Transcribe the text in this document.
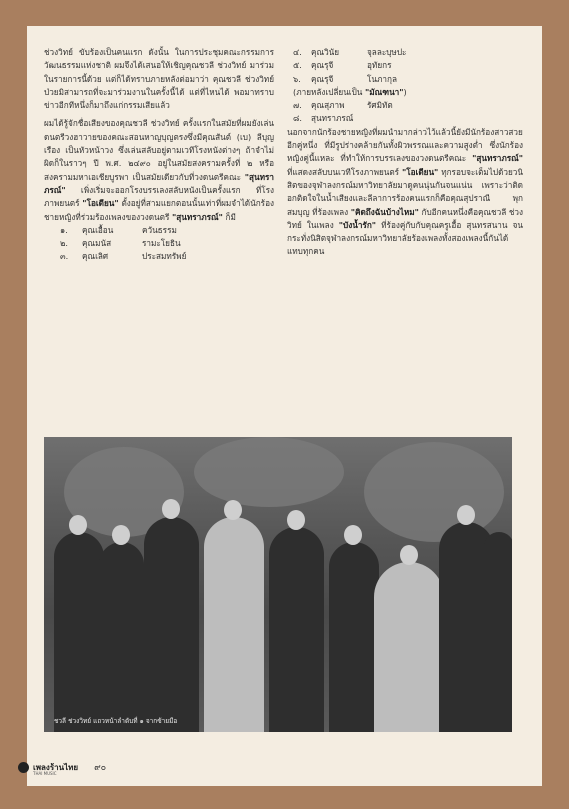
ช่วงวิทย์ ขับร้องเป็นคนแรก ดังนั้น ในการประชุมคณะกรรมการวัฒนธรรมแห่งชาติ ผมจึงได้เสนอให้เชิญคุณชวลี ช่วงวิทย์ มาร่วมในรายการนี้ด้วย แต่ก็ได้ทราบภายหลังต่อมาว่า คุณชวลี ช่วงวิทย์ ป่วยมิสามารถที่จะมาร่วมงานในครั้งนี้ได้ แต่ที่ไหนได้ พอมาทราบข่าวอีกทีหนึ่งก็มาถึงแก่กรรมเสียแล้ว

ผมได้รู้จักชื่อเสียงของคุณชวลี ช่วงวิทย์ ครั้งแรกในสมัยที่ผมยังเล่นดนตรีวงฮาวายของคณะสอนหาญบุญตรงซึ่งมีคุณสันต์ (เบ) ลีบุญเรือง เป็นหัวหน้าวง ซึ่งเล่นสลับอยู่ตามเวทีโรงหนังต่างๆ ถ้าจำไม่ผิดก็ในราวๆ ปี พ.ศ. ๒๔๙๐ อยู่ในสมัยสงครามครั้งที่ ๒ หรือสงครามมหาเอเชียบูรพา เป็นสมัยเดียวกับที่วงดนตรีคณะ "สุนทราภรณ์" เพิ่งเริ่มจะออกโรงบรรเลงสลับหนังเป็นครั้งแรก ที่โรงภาพยนตร์ "โอเดียน" ตั้งอยู่ที่สามแยกตอนนั้นเท่าที่ผมจำได้นักร้องชายหญิงที่ร่วมร้องเพลงของวงดนตรี "สุนทราภรณ์" ก็มี

๑.	คุณเอื้อน	ควันธรรม
๒.	คุณมนัส	รามะโยธิน
๓.	คุณเลิศ	ประสมทรัพย์
๔.	คุณวินัย	จุลละบุษปะ
๕.	คุณรุจี	อุทัยกร
๖.	คุณรุจี	โนภากุล
(ภายหลังเปลี่ยนเป็น "มัณฑนา")
๗.	คุณสุภาพ	รัศมิทัต
๘.	สุนทราภรณ์

นอกจากนักร้องชายหญิงที่ผมนำมากล่าวไว้แล้วนี้ยังมีนักร้องสาวสวยอีกคู่หนึ่ง ที่มีรูปร่างคล้ายกันทั้งผิวพรรณและความสูงต่ำ ซึ่งนักร้องหญิงคู่นี้แหละ ที่ทำให้การบรรเลงของวงดนตรีคณะ "สุนทราภรณ์" ที่แสดงสลับบนเวทีโรงภาพยนตร์ "โอเดียน" ทุกรอบจะเต็มไปด้วยวนิสิตของจุฬาลงกรณ์มหาวิทยาลัยมาดูคนนุ่นกันจนแน่น เพราะว่าติดอกติดใจในน้ำเสียงและลีลาการร้องคนแรกก็คือคุณสุปราณี พุกสมบุญ ที่ร้องเพลง "คิดถึงฉันบ้างไหม" กับอีกคนหนึ่งคือคุณชวลี ช่วงวิทย์ ในเพลง "บังน้ำรัก" ที่ร้องคู่กับกับคุณครูเอื้อ สุนทรสนาน จนกระทั่งนิสิตจุฬาลงกรณ์มหาวิทยาลัยร้องเพลงทั้งสองเพลงนี้กันได้แทบทุกคน

ชวลี ช่วงวิทย์ แถวหน้าลำดับที่ ๑ จากซ้ายมือ
เพลงร้านไทย
THAI MUSIC
๙๐
